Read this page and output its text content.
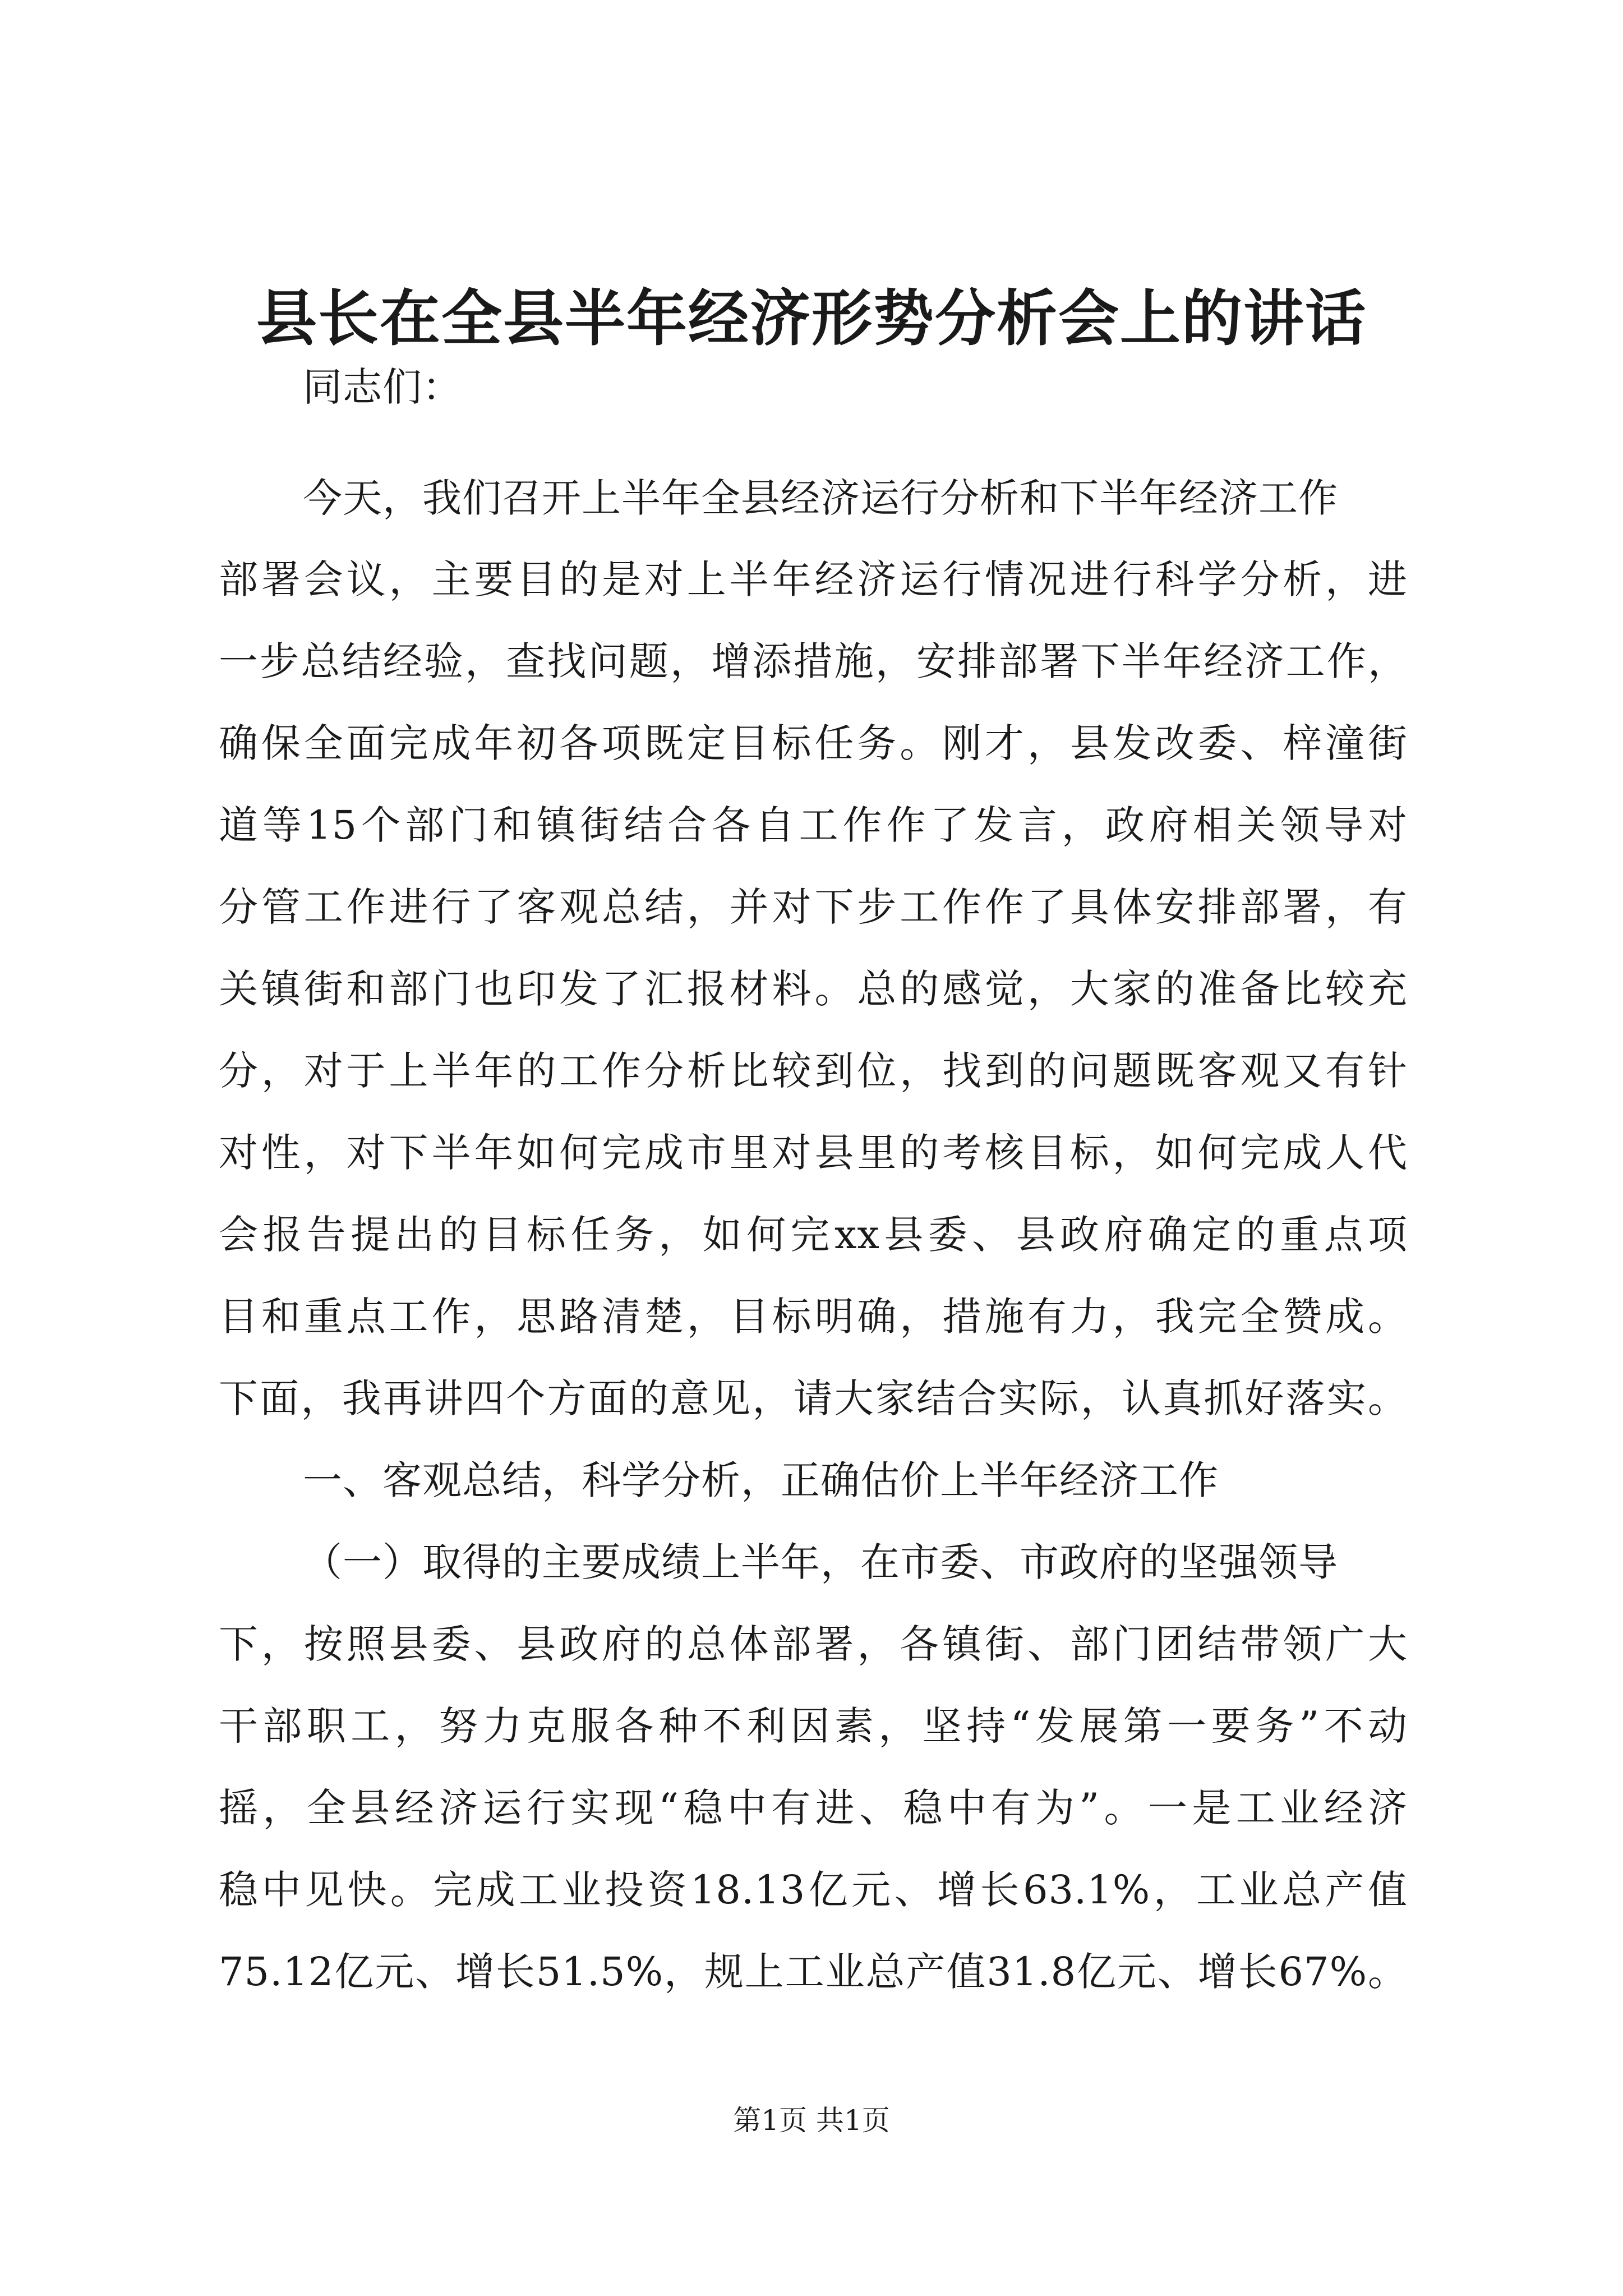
县长在全县半年经济形势分析会上的讲话
同志们：
今天，我们召开上半年全县经济运行分析和下半年经济工作
部署会议，主要目的是对上半年经济运行情况进行科学分析，进
一步总结经验，查找问题，增添措施，安排部署下半年经济工作，
确保全面完成年初各项既定目标任务。刚才，县发改委、梓潼街
道等15个部门和镇街结合各自工作作了发言，政府相关领导对
分管工作进行了客观总结，并对下步工作作了具体安排部署，有
关镇街和部门也印发了汇报材料。总的感觉，大家的准备比较充
分，对于上半年的工作分析比较到位，找到的问题既客观又有针
对性，对下半年如何完成市里对县里的考核目标，如何完成人代
会报告提出的目标任务，如何完xx县委、县政府确定的重点项
目和重点工作，思路清楚，目标明确，措施有力，我完全赞成。
下面，我再讲四个方面的意见，请大家结合实际，认真抓好落实。
一、客观总结，科学分析，正确估价上半年经济工作
（一）取得的主要成绩上半年，在市委、市政府的坚强领导
下，按照县委、县政府的总体部署，各镇街、部门团结带领广大
干部职工，努力克服各种不利因素，坚持“发展第一要务”不动
摇，全县经济运行实现“稳中有进、稳中有为”。一是工业经济
稳中见快。完成工业投资18.13亿元、增长63.1%，工业总产值
75.12亿元、增长51.5%，规上工业总产值31.8亿元、增长67%。
第1页 共1页
